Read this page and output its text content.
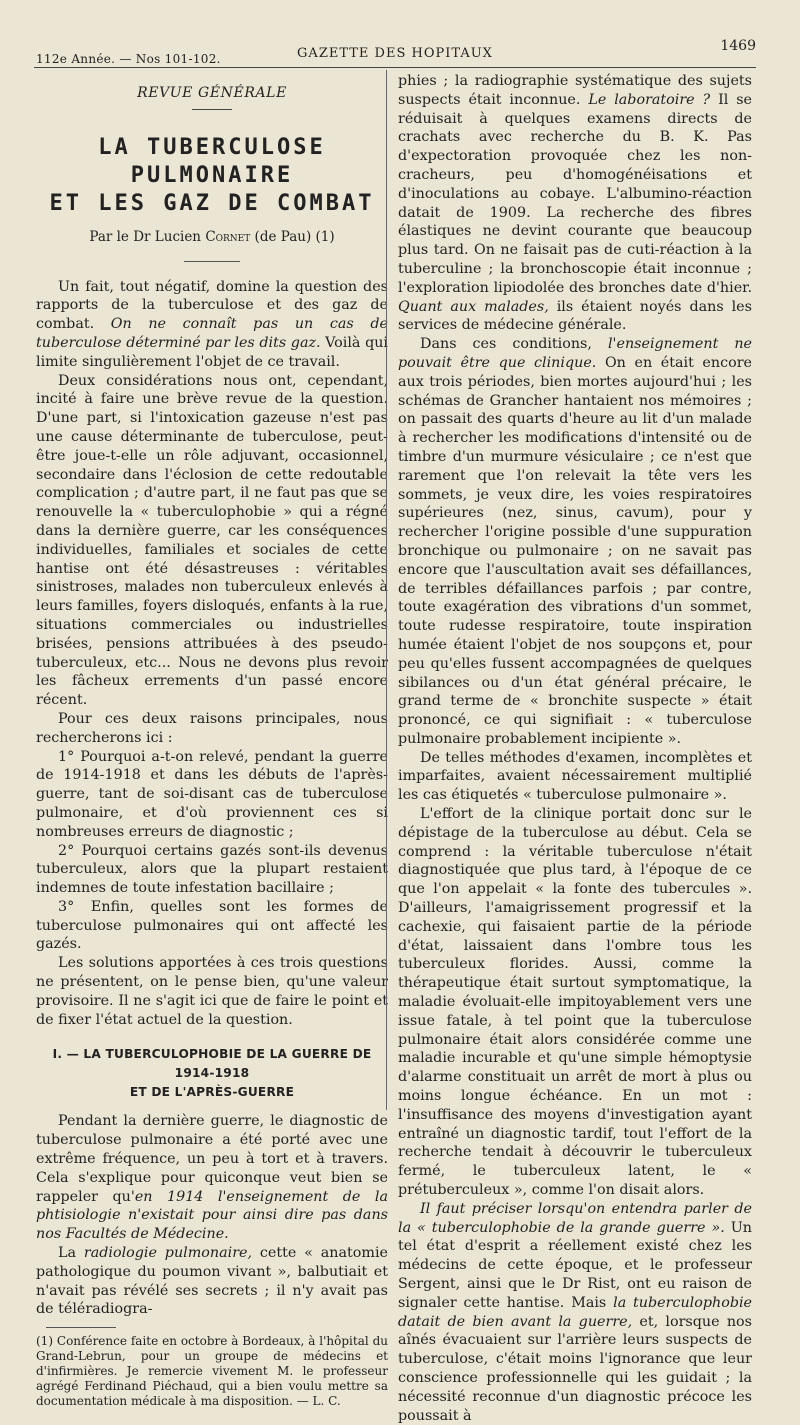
112e Année. — Nos 101-102.	GAZETTE DES HOPITAUX	1469
REVUE GÉNÉRALE
LA TUBERCULOSE PULMONAIRE
ET LES GAZ DE COMBAT
Par le Dr Lucien Cornet (de Pau) (1)

Un fait, tout négatif, domine la question des rapports de la tuberculose et des gaz de combat. On ne connaît pas un cas de tuberculose déterminé par les dits gaz. Voilà qui limite singulièrement l'objet de ce travail.

Deux considérations nous ont, cependant, incité à faire une brève revue de la question. D'une part, si l'intoxication gazeuse n'est pas une cause déterminante de tuberculose, peut-être joue-t-elle un rôle adjuvant, occasionnel, secondaire dans l'éclosion de cette redoutable complication ; d'autre part, il ne faut pas que se renouvelle la « tuberculophobie » qui a régné dans la dernière guerre, car les conséquences individuelles, familiales et sociales de cette hantise ont été désastreuses : véritables sinistroses, malades non tuberculeux enlevés à leurs familles, foyers disloqués, enfants à la rue, situations commerciales ou industrielles brisées, pensions attribuées à des pseudo-tuberculeux, etc... Nous ne devons plus revoir les fâcheux errements d'un passé encore récent.

Pour ces deux raisons principales, nous rechercherons ici :

1° Pourquoi a-t-on relevé, pendant la guerre de 1914-1918 et dans les débuts de l'après-guerre, tant de soi-disant cas de tuberculose pulmonaire, et d'où proviennent ces si nombreuses erreurs de diagnostic ;

2° Pourquoi certains gazés sont-ils devenus tuberculeux, alors que la plupart restaient indemnes de toute infestation bacillaire ;

3° Enfin, quelles sont les formes de tuberculose pulmonaires qui ont affecté les gazés.

Les solutions apportées à ces trois questions ne présentent, on le pense bien, qu'une valeur provisoire. Il ne s'agit ici que de faire le point et de fixer l'état actuel de la question.

I. — LA TUBERCULOPHOBIE DE LA GUERRE DE 1914-1918
ET DE L'APRÈS-GUERRE

Pendant la dernière guerre, le diagnostic de tuberculose pulmonaire a été porté avec une extrême fréquence, un peu à tort et à travers. Cela s'explique pour quiconque veut bien se rappeler qu'en 1914 l'enseignement de la phtisiologie n'existait pour ainsi dire pas dans nos Facultés de Médecine.

La radiologie pulmonaire, cette « anatomie pathologique du poumon vivant », balbutiait et n'avait pas révélé ses secrets ; il n'y avait pas de téléradiogra-

(1) Conférence faite en octobre à Bordeaux, à l'hôpital du Grand-Lebrun, pour un groupe de médecins et d'infirmières. Je remercie vivement M. le professeur agrégé Ferdinand Piéchaud, qui a bien voulu mettre sa documentation médicale à ma disposition. — L. C.

phies ; la radiographie systématique des sujets suspects était inconnue. Le laboratoire ? Il se réduisait à quelques examens directs de crachats avec recherche du B. K. Pas d'expectoration provoquée chez les non-cracheurs, peu d'homogénéisations et d'inoculations au cobaye. L'albumino-réaction datait de 1909. La recherche des fibres élastiques ne devint courante que beaucoup plus tard. On ne faisait pas de cuti-réaction à la tuberculine ; la bronchoscopie était inconnue ; l'exploration lipiodolée des bronches date d'hier. Quant aux malades, ils étaient noyés dans les services de médecine générale.

Dans ces conditions, l'enseignement ne pouvait être que clinique. On en était encore aux trois périodes, bien mortes aujourd'hui ; les schémas de Grancher hantaient nos mémoires ; on passait des quarts d'heure au lit d'un malade à rechercher les modifications d'intensité ou de timbre d'un murmure vésiculaire ; ce n'est que rarement que l'on relevait la tête vers les sommets, je veux dire, les voies respiratoires supérieures (nez, sinus, cavum), pour y rechercher l'origine possible d'une suppuration bronchique ou pulmonaire ; on ne savait pas encore que l'auscultation avait ses défaillances, de terribles défaillances parfois ; par contre, toute exagération des vibrations d'un sommet, toute rudesse respiratoire, toute inspiration humée étaient l'objet de nos soupçons et, pour peu qu'elles fussent accompagnées de quelques sibilances ou d'un état général précaire, le grand terme de « bronchite suspecte » était prononcé, ce qui signifiait : « tuberculose pulmonaire probablement incipiente ».

De telles méthodes d'examen, incomplètes et imparfaites, avaient nécessairement multiplié les cas étiquetés « tuberculose pulmonaire ».

L'effort de la clinique portait donc sur le dépistage de la tuberculose au début. Cela se comprend : la véritable tuberculose n'était diagnostiquée que plus tard, à l'époque de ce que l'on appelait « la fonte des tubercules ». D'ailleurs, l'amaigrissement progressif et la cachexie, qui faisaient partie de la période d'état, laissaient dans l'ombre tous les tuberculeux florides. Aussi, comme la thérapeutique était surtout symptomatique, la maladie évoluait-elle impitoyablement vers une issue fatale, à tel point que la tuberculose pulmonaire était alors considérée comme une maladie incurable et qu'une simple hémoptysie d'alarme constituait un arrêt de mort à plus ou moins longue échéance. En un mot : l'insuffisance des moyens d'investigation ayant entraîné un diagnostic tardif, tout l'effort de la recherche tendait à découvrir le tuberculeux fermé, le tuberculeux latent, le « prétuberculeux », comme l'on disait alors.

Il faut préciser lorsqu'on entendra parler de la « tuberculophobie de la grande guerre ». Un tel état d'esprit a réellement existé chez les médecins de cette époque, et le professeur Sergent, ainsi que le Dr Rist, ont eu raison de signaler cette hantise. Mais la tuberculophobie datait de bien avant la guerre, et, lorsque nos aînés évacuaient sur l'arrière leurs suspects de tuberculose, c'était moins l'ignorance que leur conscience professionnelle qui les guidait ; la nécessité reconnue d'un diagnostic précoce les poussait à
